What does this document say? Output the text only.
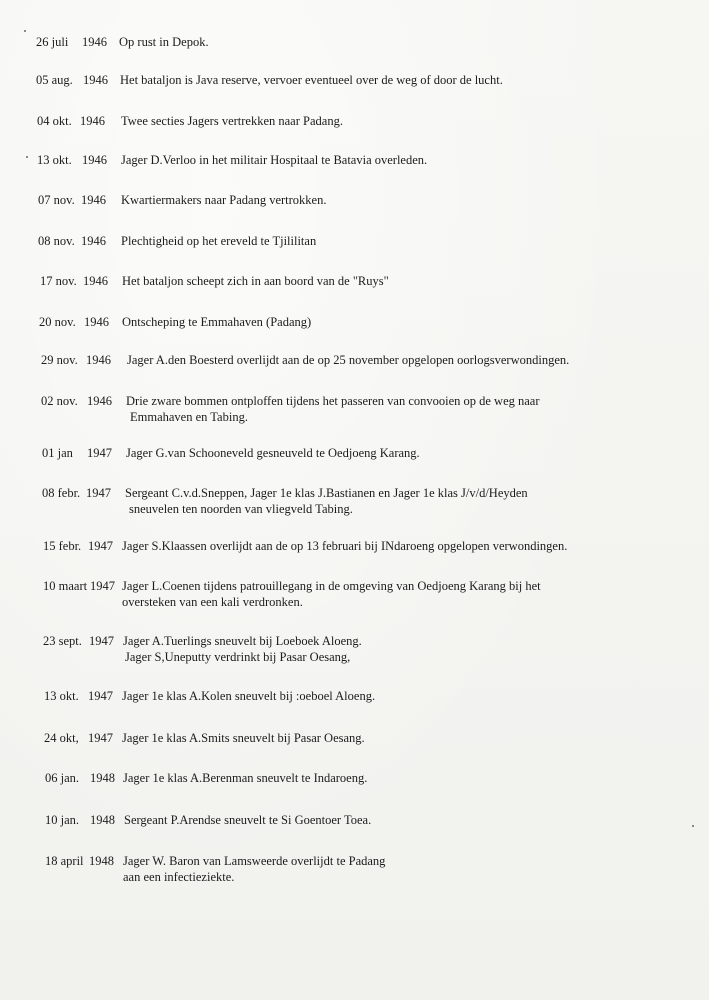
26 juli 1946 Op rust in Depok.
05 aug. 1946 Het bataljon is Java reserve, vervoer eventueel over de weg of door de lucht.
04 okt. 1946 Twee secties Jagers vertrekken naar Padang.
13 okt. 1946 Jager D.Verloo in het militair Hospitaal te Batavia overleden.
07 nov. 1946 Kwartiermakers naar Padang vertrokken.
08 nov. 1946 Plechtigheid op het ereveld te Tjililitan
17 nov. 1946 Het bataljon scheept zich in aan boord van de "Ruys"
20 nov. 1946 Ontscheping te Emmahaven (Padang)
29 nov. 1946 Jager A.den Boesterd overlijdt aan de op 25 november opgelopen oorlogsverwondingen.
02 nov. 1946 Drie zware bommen ontploffen tijdens het passeren van convooien op de weg naar
Emmahaven en Tabing.
01 jan 1947 Jager G.van Schooneveld gesneuveld te Oedjoeng Karang.
08 febr. 1947 Sergeant C.v.d.Sneppen, Jager 1e klas J.Bastianen en Jager 1e klas J/v/d/Heyden
sneuvelen ten noorden van vliegveld Tabing.
15 febr. 1947 Jager S.Klaassen overlijdt aan de op 13 februari bij INdaroeng opgelopen verwondingen.
10 maart 1947 Jager L.Coenen tijdens patrouillegang in de omgeving van Oedjoeng Karang bij het
oversteken van een kali verdronken.
23 sept. 1947 Jager A.Tuerlings sneuvelt bij Loeboek Aloeng.
Jager S,Uneputty verdrinkt bij Pasar Oesang,
13 okt. 1947 Jager 1e klas A.Kolen sneuvelt bij :oeboel Aloeng.
24 okt, 1947 Jager 1e klas A.Smits sneuvelt bij Pasar Oesang.
06 jan. 1948 Jager 1e klas A.Berenman sneuvelt te Indaroeng.
10 jan. 1948 Sergeant P.Arendse sneuvelt te Si Goentoer Toea.
18 april 1948 Jager W. Baron van Lamsweerde overlijdt te Padang
aan een infectieziekte.
